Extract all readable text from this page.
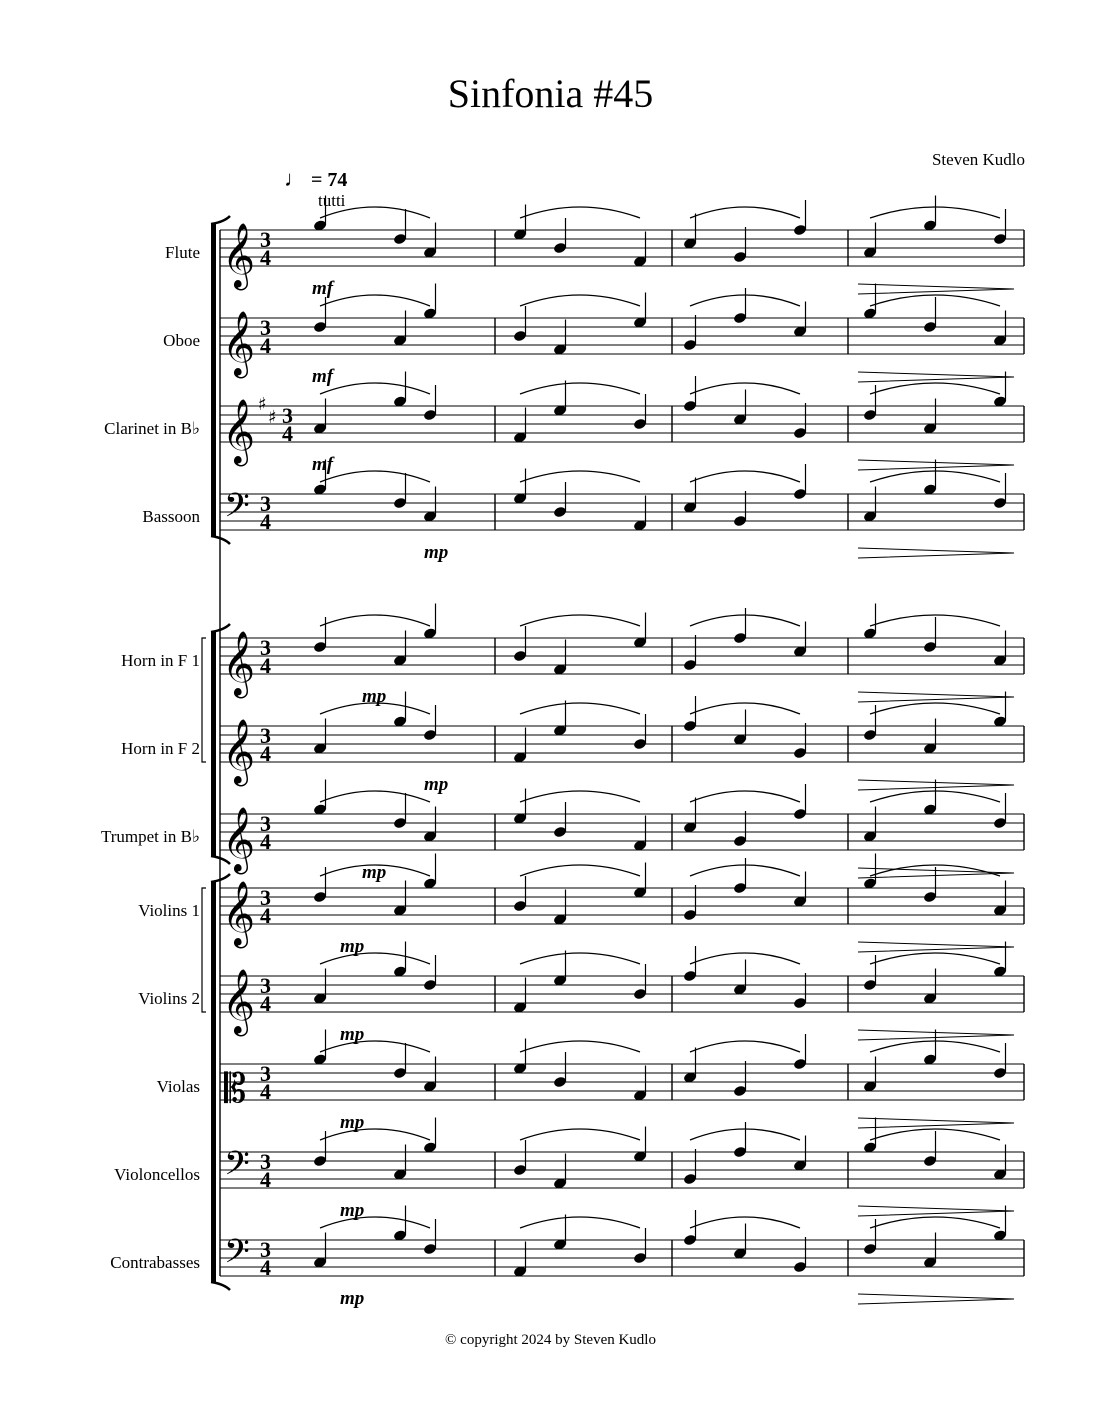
Sinfonia #45
Steven Kudlo
♩ = 74
tutti
Flute
Oboe
Clarinet in B♭
Bassoon
Horn in F 1
Horn in F 2
Trumpet in B♭
Violins 1
Violins 2
Violas
Violoncellos
Contrabasses
𝄞 3
4
mf
𝄞 3
4
mf
𝄞 ♯
♯ 3
4
mf
𝄢 3
4
mp
𝄞 3
4
mp
𝄞 3
4
mp
𝄞 3
4
mp
𝄞 3
4
mp
𝄞 3
4
mp
𝄡 3
4
mp
𝄢 3
4
mp
𝄢 3
4
mp
© copyright 2024 by Steven Kudlo
